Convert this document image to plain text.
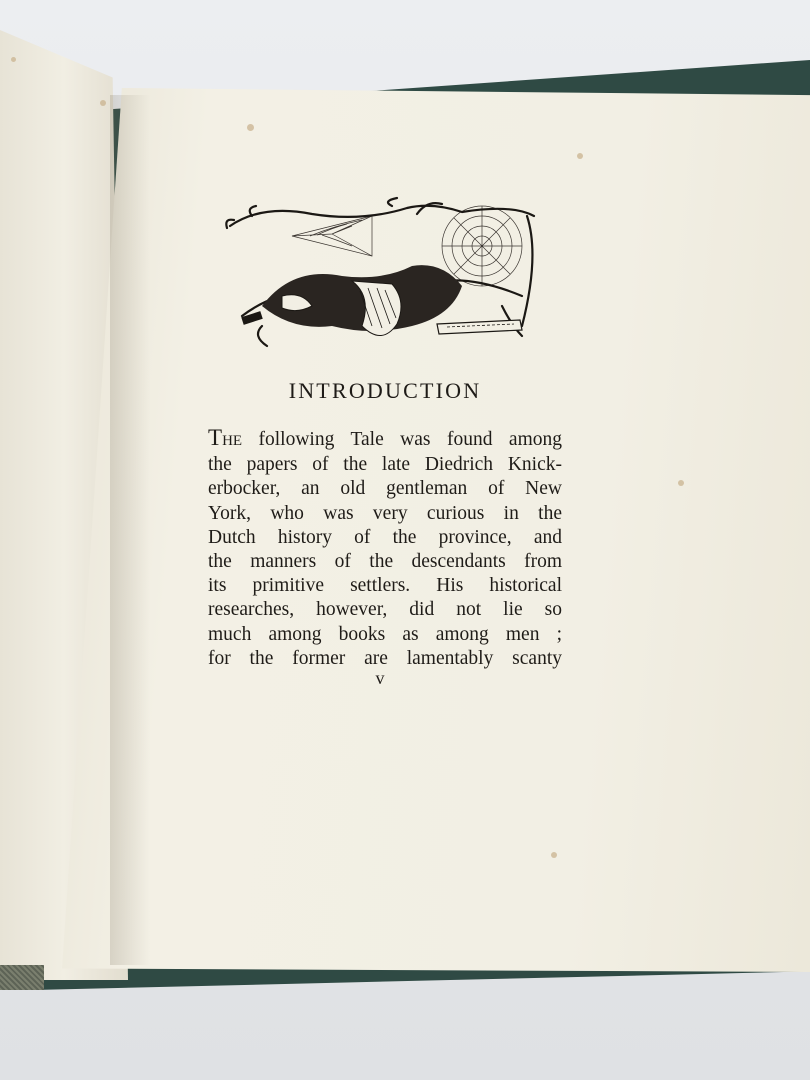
INTRODUCTION

THE following Tale was found among
the papers of the late Diedrich Knick-
erbocker, an old gentleman of New
York, who was very curious in the
Dutch history of the province, and
the manners of the descendants from
its primitive settlers. His historical
researches, however, did not lie so
much among books as among men ;
for the former are lamentably scanty

v
